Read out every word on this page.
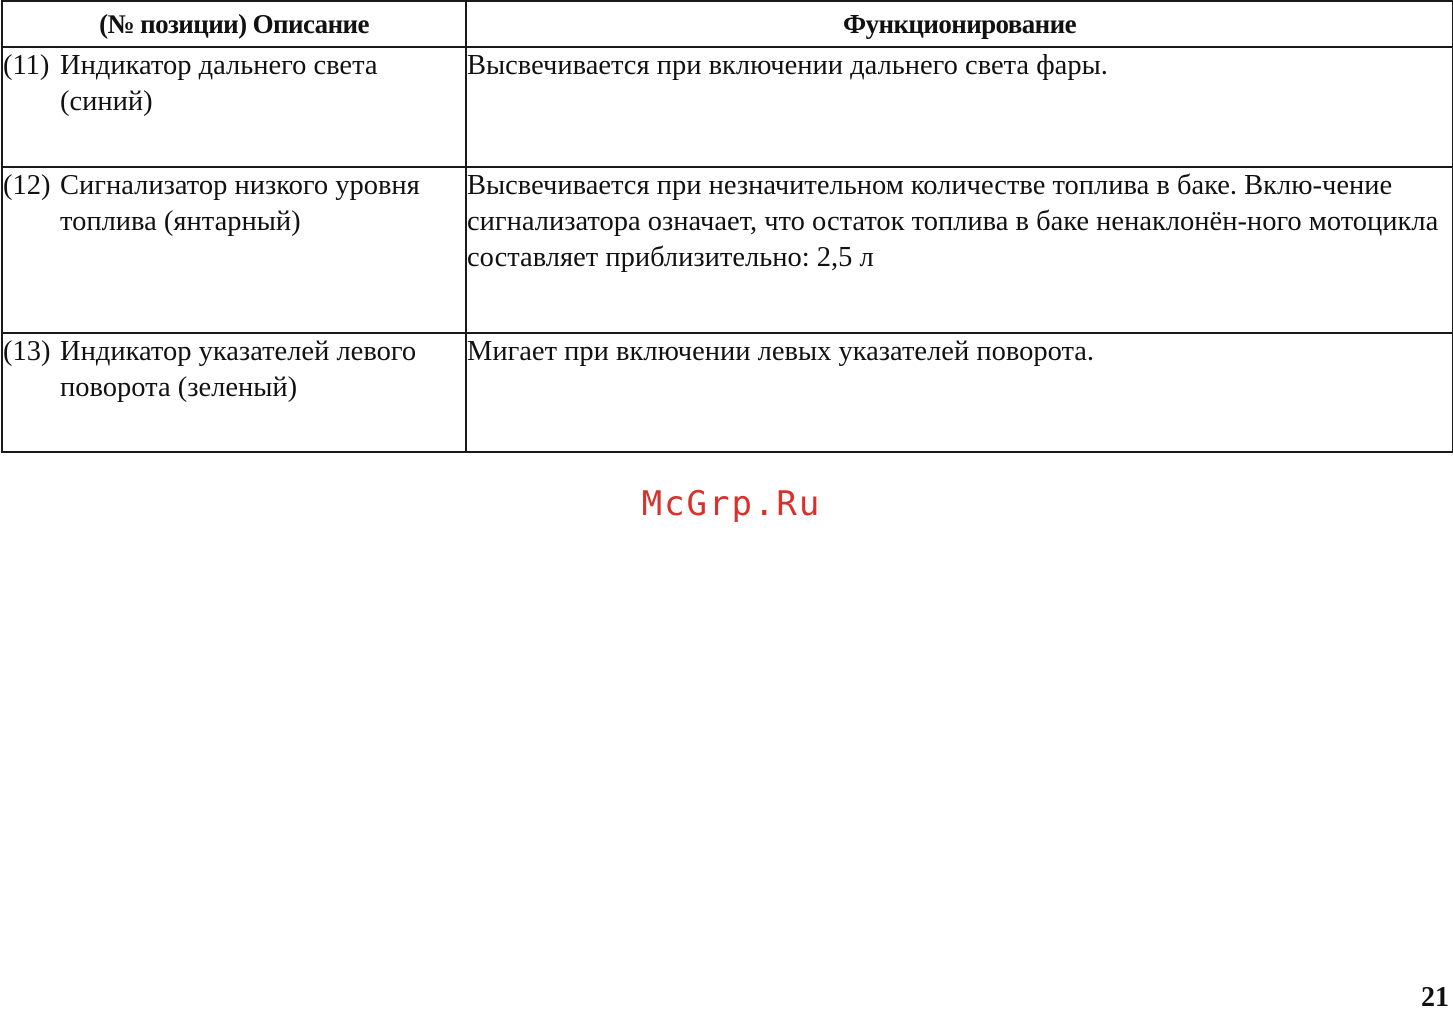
(№ позиции) Описание	Функционирование

(11) Индикатор дальнего света (синий)	Высвечивается при включении дальнего света фары.

(12) Сигнализатор низкого уровня топлива (янтарный)	Высвечивается при незначительном количестве топлива в баке. Вклю-чение сигнализатора означает, что остаток топлива в баке ненаклонён-ного мотоцикла составляет приблизительно: 2,5 л

(13) Индикатор указателей левого поворота (зеленый)	Мигает при включении левых указателей поворота.
McGrp.Ru
21
